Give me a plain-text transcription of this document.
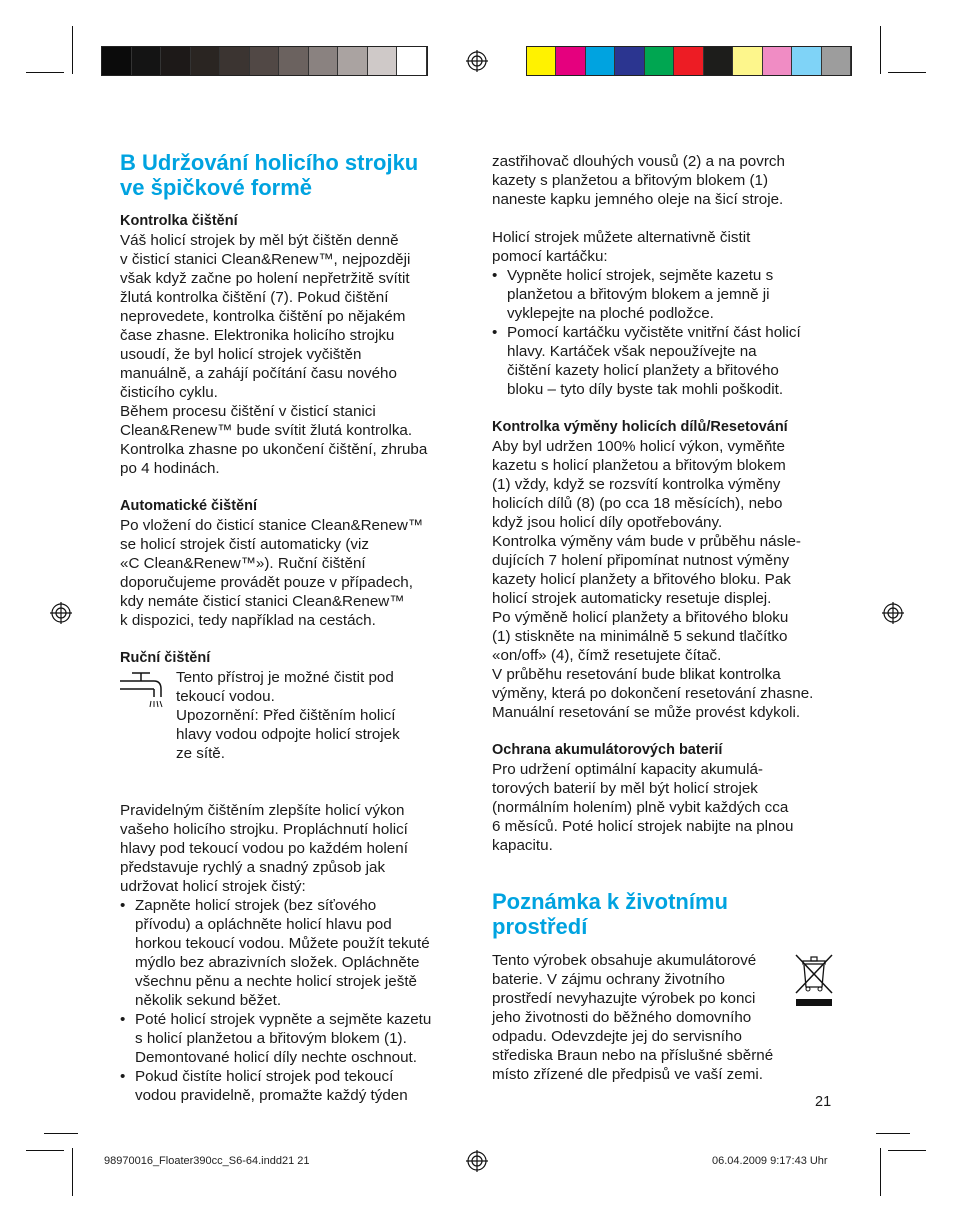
B Udržování holicího strojku
ve špičkové formě

Kontrolka čištění

Váš holicí strojek by měl být čištěn denně
v čisticí stanici Clean&Renew™, nejpozději
však když začne po holení nepřetržitě svítit
žlutá kontrolka čištění (7). Pokud čištění
neprovedete, kontrolka čištění po nějakém
čase zhasne. Elektronika holicího strojku
usoudí, že byl holicí strojek vyčištěn
manuálně, a zahájí počítání času nového
čisticího cyklu.
Během procesu čištění v čisticí stanici
Clean&Renew™ bude svítit žlutá kontrolka.
Kontrolka zhasne po ukončení čištění, zhruba
po 4 hodinách.

Automatické čištění

Po vložení do čisticí stanice Clean&Renew™
se holicí strojek čistí automaticky (viz
«C Clean&Renew™»). Ruční čištění
doporučujeme provádět pouze v případech,
kdy nemáte čisticí stanici Clean&Renew™
k dispozici, tedy například na cestách.

Ruční čištění

Tento přístroj je možné čistit pod
tekoucí vodou.
Upozornění: Před čištěním holicí
hlavy vodou odpojte holicí strojek
ze sítě.

Pravidelným čištěním zlepšíte holicí výkon
vašeho holicího strojku. Propláchnutí holicí
hlavy pod tekoucí vodou po každém holení
představuje rychlý a snadný způsob jak
udržovat holicí strojek čistý:

• Zapněte holicí strojek (bez síťového
přívodu) a opláchněte holicí hlavu pod
horkou tekoucí vodou. Můžete použít tekuté
mýdlo bez abrazivních složek. Opláchněte
všechnu pěnu a nechte holicí strojek ještě
několik sekund běžet.
• Poté holicí strojek vypněte a sejměte kazetu
s holicí planžetou a břitovým blokem (1).
Demontované holicí díly nechte oschnout.
• Pokud čistíte holicí strojek pod tekoucí
vodou pravidelně, promažte každý týden

zastřihovač dlouhých vousů (2) a na povrch
kazety s planžetou a břitovým blokem (1)
naneste kapku jemného oleje na šicí stroje.

Holicí strojek můžete alternativně čistit
pomocí kartáčku:

• Vypněte holicí strojek, sejměte kazetu s
planžetou a břitovým blokem a jemně ji
vyklepejte na ploché podložce.
• Pomocí kartáčku vyčistěte vnitřní část holicí
hlavy. Kartáček však nepoužívejte na
čištění kazety holicí planžety a břitového
bloku – tyto díly byste tak mohli poškodit.

Kontrolka výměny holicích dílů/Resetování

Aby byl udržen 100% holicí výkon, vyměňte
kazetu s holicí planžetou a břitovým blokem
(1) vždy, když se rozsvítí kontrolka výměny
holicích dílů (8) (po cca 18 měsících), nebo
když jsou holicí díly opotřebovány.
Kontrolka výměny vám bude v průběhu násle-
dujících 7 holení připomínat nutnost výměny
kazety holicí planžety a břitového bloku. Pak
holicí strojek automaticky resetuje displej.
Po výměně holicí planžety a břitového bloku
(1) stiskněte na minimálně 5 sekund tlačítko
«on/off» (4), čímž resetujete čítač.
V průběhu resetování bude blikat kontrolka
výměny, která po dokončení resetování zhasne.
Manuální resetování se může provést kdykoli.

Ochrana akumulátorových baterií

Pro udržení optimální kapacity akumulá-
torových baterií by měl být holicí strojek
(normálním holením) plně vybit každých cca
6 měsíců. Poté holicí strojek nabijte na plnou
kapacitu.

Poznámka k životnímu
prostředí

Tento výrobek obsahuje akumulátorové
baterie. V zájmu ochrany životního
prostředí nevyhazujte výrobek po konci
jeho životnosti do běžného domovního
odpadu. Odevzdejte jej do servisního
střediska Braun nebo na příslušné sběrné
místo zřízené dle předpisů ve vaší zemi.

21
98970016_Floater390cc_S6-64.indd21 21	06.04.2009 9:17:43 Uhr
